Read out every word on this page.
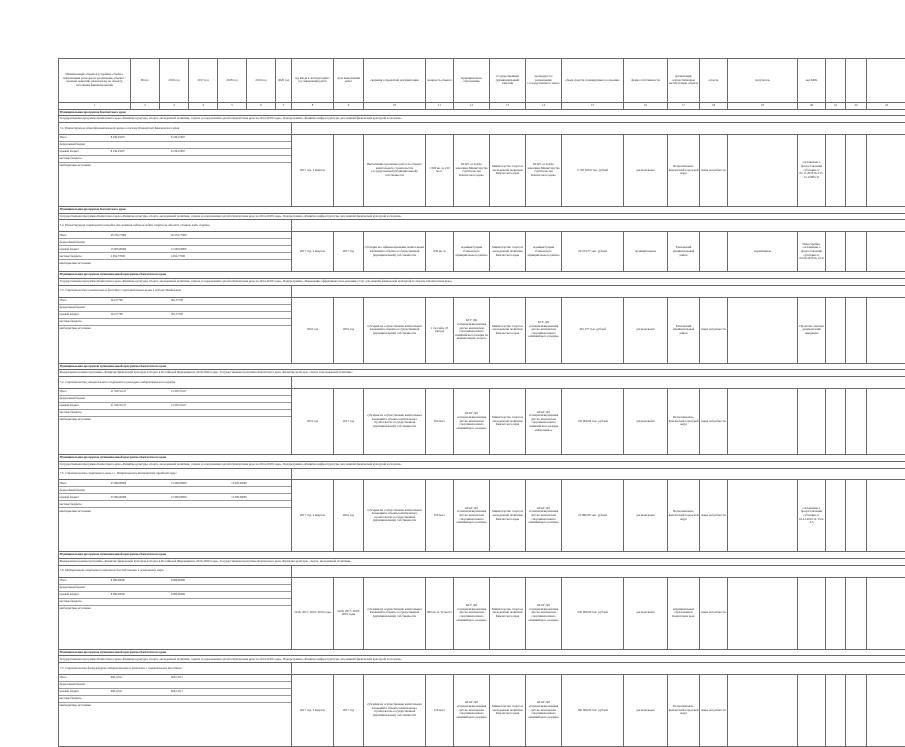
Наименование объектов (стройки), объекта, направления расходов на реализацию объекта / целевой ориентир (показатель) по объекту, источники финансирования	Итого	2016 год	2017 год	2018 год	2019 год	2020 год	год ввода в эксплуатацию / год завершения работ	срок выполнения работ	сведения о проектной документации	мощность объекта	муниципальное образование	государственный (муниципальный) заказчик	процедура по размещению государственного заказа	объем средств, планируемых к освоению	форма собственности	организация, осуществляющая эксплуатацию объекта	отрасль	получатель	код КБК			
1	2	3	4	5	6	7	8	9	10	11	12	13	14	15	16	17	18	19	20	21	22	23
Муниципальная программа Камчатского края
Государственная программа Камчатского края «Развитие культуры, спорта, молодежной политики, отдыха и оздоровления детей в Камчатском крае на 2014-2018 годы». Подпрограмма «Развитие инфраструктуры для занятий физической культурой и спортом»
7.1. Реконструкция общеобразовательной школы в поселке Пионерский Камчатского края	

Итого	8 236,25997	8 236,25997	
федеральный бюджет			
краевой бюджет	8 236,25997	8 236,25997	
местные бюджеты			
внебюджетные источники			
	2017 год, 3 квартал		Выполнение проектных работ по объекту капитального строительства государственной (муниципальной) собственности	1 000 кв. м, 210 мест	КГКУ «Служба заказчика Министерства строительства Камчатского края»	Министерство спорта и молодежной политики Камчатского края	КГКУ «Служба заказчика Министерства строительства Камчатского края»	2 726 200,0 тыс. рублей	региональная	Петропавловск-Камчатский городской округ	иные потребности		соглашение о предоставлении субсидии от 02.11.2016 № 013-15-10905/11			
Муниципальная программа Камчатского края
Государственная программа Камчатского края «Развитие культуры, спорта, молодежной политики, отдыха и оздоровления детей в Камчатском крае на 2014-2018 годы». Подпрограмма «Развитие инфраструктуры для занятий физической культурой и спортом»
7.2. Реконструкция спортивной площадки для занятия садовым видом спорта на объекте «Зимние виды спорта»	

Итого	20 254,77000	20 254,77000	
федеральный бюджет			
краевой бюджет	15 600,00000	15 600,00000	
местные бюджеты	4 654,77000	4 654,77000	
внебюджетные источники			
	2017 год, 2 квартал	2017 год	субсидии на софинансирование капитальных вложений в объекты государственной (муниципальной) собственности	650 кв. м	Администрация Елизовского муниципального района	Министерство спорта и молодежной политики Камчатского края	Администрация Елизовского муниципального района	20 254,77 тыс. рублей	муниципальная	Елизовский муниципальный район		нормативная	Новостройка, соглашение о предоставлении субсидии от 02.06.2016 № 10-9			
Муниципальная программа муниципальной программы Камчатского края
Государственная программа Камчатского края «Развитие культуры, спорта, молодежной политики, отдыха и оздоровления детей в Камчатском крае на 2014-2018 годы». Подпрограмма «Повышение эффективности и оказания услуг для занятий физической культурой и спортом в Камчатском крае»
7.3. Строительство плавательного бассейна с тренировочным залом в поселке Раздольный	

Итого	361,57700	361,57700	
федеральный бюджет			
краевой бюджет	361,57700	361,57700	
местные бюджеты			
внебюджетные источники			
		2016 год	2016 год	субсидии на осуществление капитальных вложений в объекты государственной (муниципальной) собственности	1 бассейн, 25 метров	КГУ ДО «Специализированная детско-юношеская спортивная школа олимпийского резерва по зимним видам спорта»	Министерство спорта и молодежной политики Камчатского края	КГУ ДО «Специализированная детско-юношеская спортивная школа олимпийского резерва»	361,577 тыс. рублей	региональная	Елизовский муниципальный район	иные потребности		Проектно-сметная документация завершена			
Муниципальная программа муниципальной программы Камчатского края
Федеральная целевая программа «Развитие физической культуры и спорта в Российской Федерации на 2016-2020 годы». Государственная программа Камчатского края «Развитие культуры, спорта и молодежной политики»
7.4. Строительство универсального спортивного культурно-оздоровительного центра	

Итого	21 930,55417	21 930,55417	
федеральный бюджет			
краевой бюджет	21 930,55417	21 930,55417	
местные бюджеты			
внебюджетные источники			
		2019 год	2017 год	субсидии на осуществление капитальных вложений в объекты капитального строительства государственной (муниципальной) собственности	500 мест	КГБУ ДО «Специализированная детско-юношеская спортивная школа олимпийского резерва»	Министерство спорта и молодежной политики Камчатского края	КГАУ ДО «Специализированная детско-юношеская спортивная школа олимпийского резерва «Морозная»»	150 000,00 тыс. рублей	региональная	Петропавловск-Камчатский городской округ	иные потребности					
Муниципальная программа муниципальной программы Камчатского края
Государственная программа Камчатского края «Развитие культуры, спорта, молодежной политики, отдыха и оздоровления детей в Камчатском крае на 2014-2018 годы». Подпрограмма «Развитие инфраструктуры для занятий физической культурой и спортом»
7.5. Строительство спортивного зала в с. Петропавловск-Камчатский городской округ	

Итого	25 996,00000	12 996,00000	13 000,00000
федеральный бюджет			
краевой бюджет	25 996,00000	12 996,00000	13 000,00000
местные бюджеты			
внебюджетные источники			
	2017 год, 4 квартал	2016 год	субсидии на осуществление капитальных вложений в объекты капитального строительства государственной (муниципальной) собственности	320 мест	КГАУ ДО «Специализированная детско-юношеская спортивная школа олимпийского резерва»	Министерство спорта и молодежной политики Камчатского края	КГАУ ДО «Специализированная детско-юношеская спортивная школа олимпийского резерва»	25 996,00 тыс. рублей	региональная	Петропавловск-Камчатский городской округ	иные потребности		соглашение о предоставлении субсидии от 16.12.2016 № 13-9-4-5			
Муниципальная программа муниципальной программы Камчатского края
Федеральная целевая программа «Развитие физической культуры и спорта в Российской Федерации на 2016-2020 годы». Государственная программа Камчатского края «Развитие культуры, спорта, молодежной политики»
7.6. Модернизация спортивного комплекса для подготовки к чемпионату мира	

Итого	8 986,00000	8 986,00000	
федеральный бюджет			
краевой бюджет	8 986,00000	8 986,00000	
местные бюджеты			
внебюджетные источники			
	2016, 2017, 2018, 2019 годы	2016, 2017, 2018, 2019 годы	субсидии на осуществление капитальных вложений в объекты государственной (муниципальной) собственности	600 кв. м, 32 места	КГУ ДО «Специализированная детско-юношеская спортивная школа олимпийского резерва»	Министерство спорта и молодежной политики Камчатского края	КГАУ ДО «Специализированная детско-юношеская спортивная школа олимпийского резерва»	250 000,00 тыс. рублей	региональная	муниципальные образования в Камчатском крае	иные потребности					
Муниципальная программа муниципальной программы Камчатского края
Государственная программа Камчатского края «Развитие культуры, спорта, молодежной политики, отдыха и оздоровления детей в Камчатском крае на 2014-2018 годы». Подпрограмма «Развитие инфраструктуры для занятий физической культурой и спортом»
7.7. Строительство физкультурно-оздоровительного комплекса с плавательным бассейном	

Итого	666,12511	666,12511	
федеральный бюджет			
краевой бюджет	666,12511	666,12511	
местные бюджеты			
внебюджетные источники			
	2017 год, 3 квартал	2017 год	субсидии на осуществление капитальных вложений в объекты капитального строительства государственной (муниципальной) собственности	120 мест	КГАУ ДО «Специализированная детско-юношеская спортивная школа олимпийского резерва»	Министерство спорта и молодежной политики Камчатского края	КГАУ ДО «Специализированная детско-юношеская спортивная школа олимпийского резерва»	160 000,00 тыс. рублей	региональная	Петропавловск-Камчатский городской округ	иные потребности					
